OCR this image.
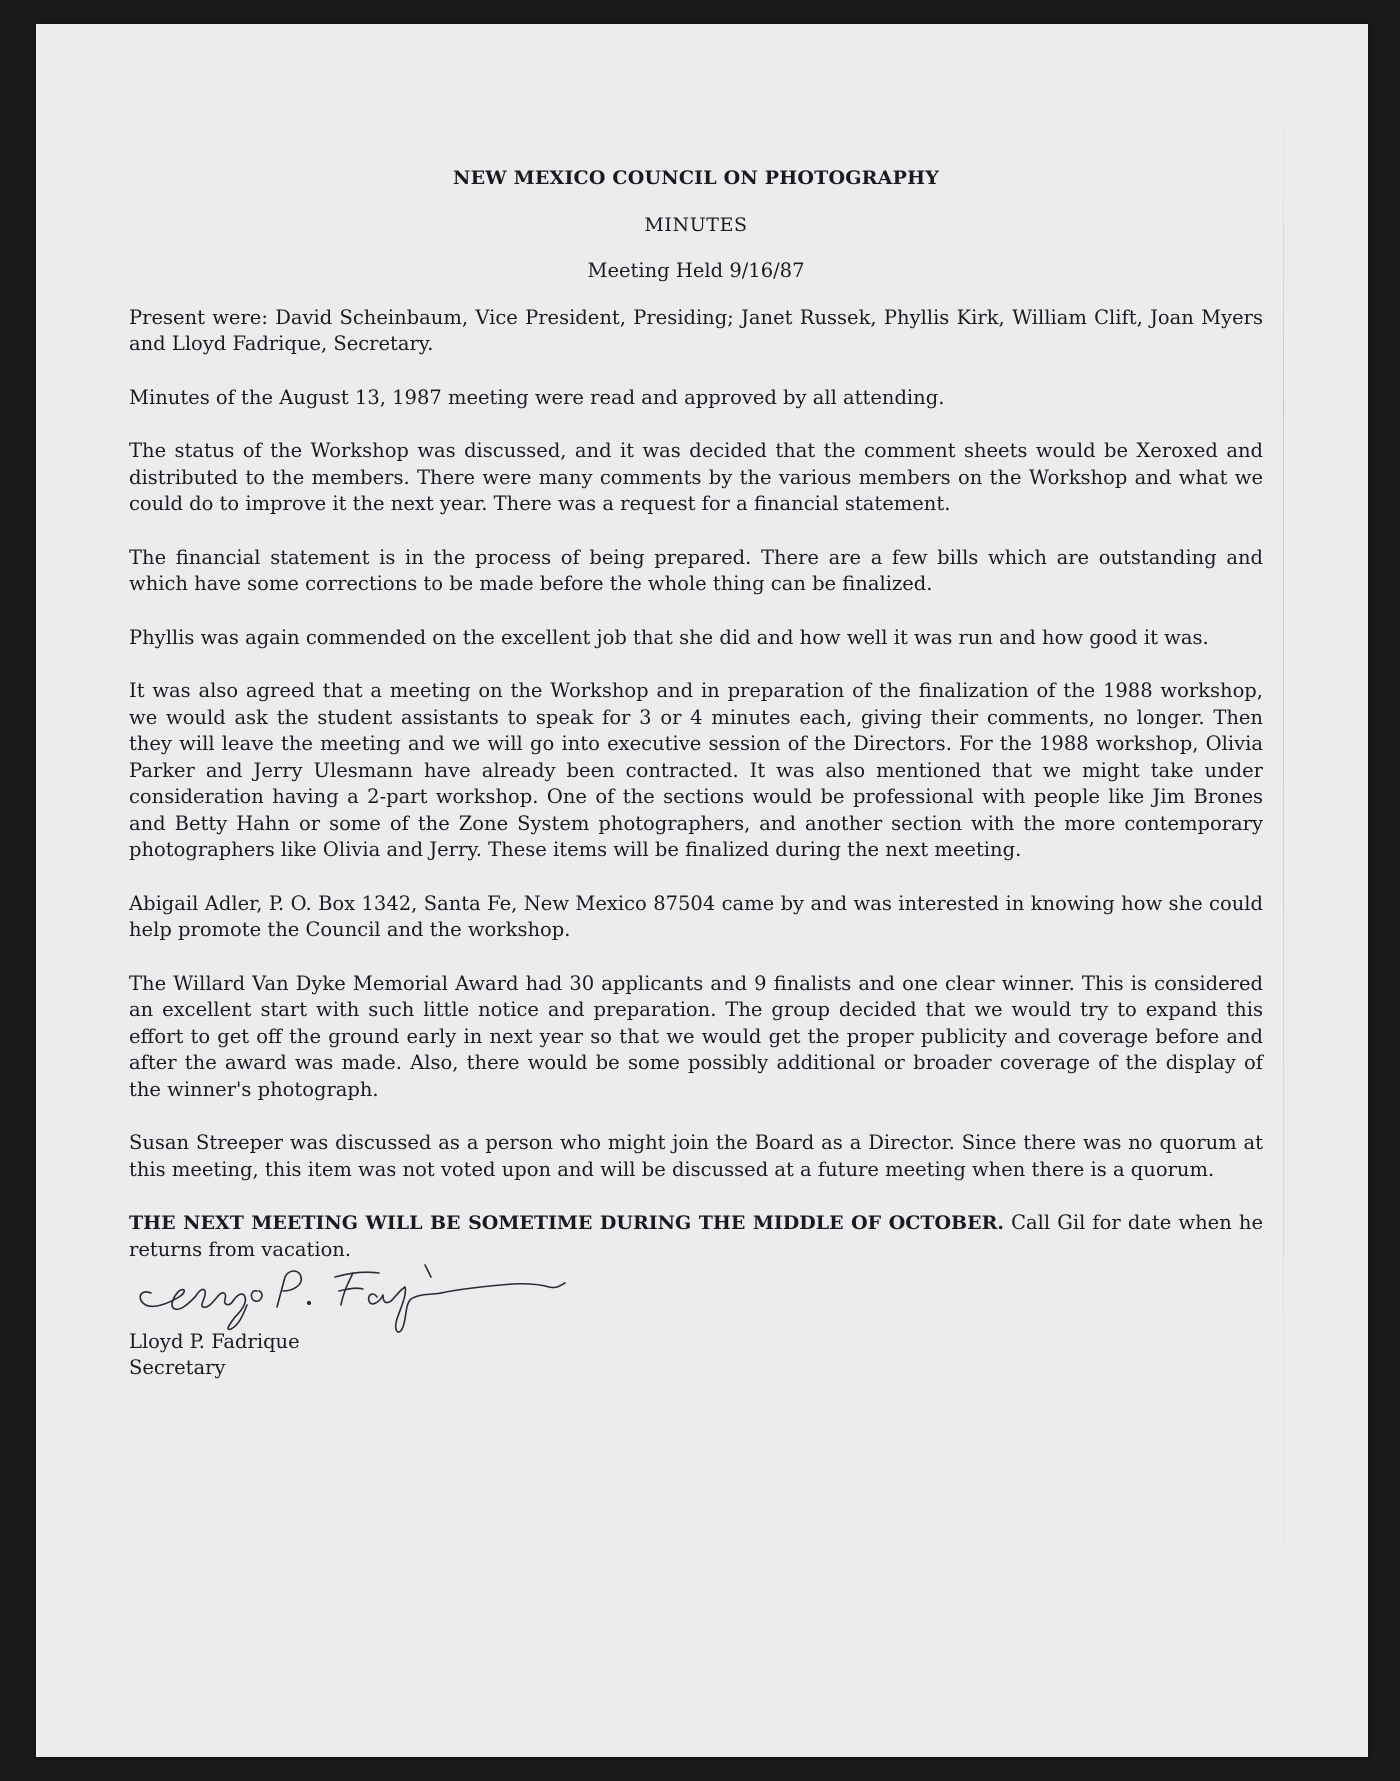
NEW MEXICO COUNCIL ON PHOTOGRAPHY
MINUTES
Meeting Held 9/16/87

Present were: David Scheinbaum, Vice President, Presiding; Janet Russek, Phyllis Kirk, William Clift, Joan Myers and Lloyd Fadrique, Secretary.

Minutes of the August 13, 1987 meeting were read and approved by all attending.

The status of the Workshop was discussed, and it was decided that the comment sheets would be Xeroxed and distributed to the members. There were many comments by the various members on the Workshop and what we could do to improve it the next year. There was a request for a financial statement.

The financial statement is in the process of being prepared. There are a few bills which are outstanding and which have some corrections to be made before the whole thing can be finalized.

Phyllis was again commended on the excellent job that she did and how well it was run and how good it was.

It was also agreed that a meeting on the Workshop and in preparation of the finalization of the 1988 workshop, we would ask the student assistants to speak for 3 or 4 minutes each, giving their comments, no longer. Then they will leave the meeting and we will go into executive session of the Directors. For the 1988 workshop, Olivia Parker and Jerry Ulesmann have already been contracted. It was also mentioned that we might take under consideration having a 2-part workshop. One of the sections would be professional with people like Jim Brones and Betty Hahn or some of the Zone System photographers, and another section with the more contemporary photographers like Olivia and Jerry. These items will be finalized during the next meeting.

Abigail Adler, P. O. Box 1342, Santa Fe, New Mexico 87504 came by and was interested in knowing how she could help promote the Council and the workshop.

The Willard Van Dyke Memorial Award had 30 applicants and 9 finalists and one clear winner. This is considered an excellent start with such little notice and preparation. The group decided that we would try to expand this effort to get off the ground early in next year so that we would get the proper publicity and coverage before and after the award was made. Also, there would be some possibly additional or broader coverage of the display of the winner's photograph.

Susan Streeper was discussed as a person who might join the Board as a Director. Since there was no quorum at this meeting, this item was not voted upon and will be discussed at a future meeting when there is a quorum.

THE NEXT MEETING WILL BE SOMETIME DURING THE MIDDLE OF OCTOBER. Call Gil for date when he returns from vacation.

Lloyd P. Fadrique
Secretary
